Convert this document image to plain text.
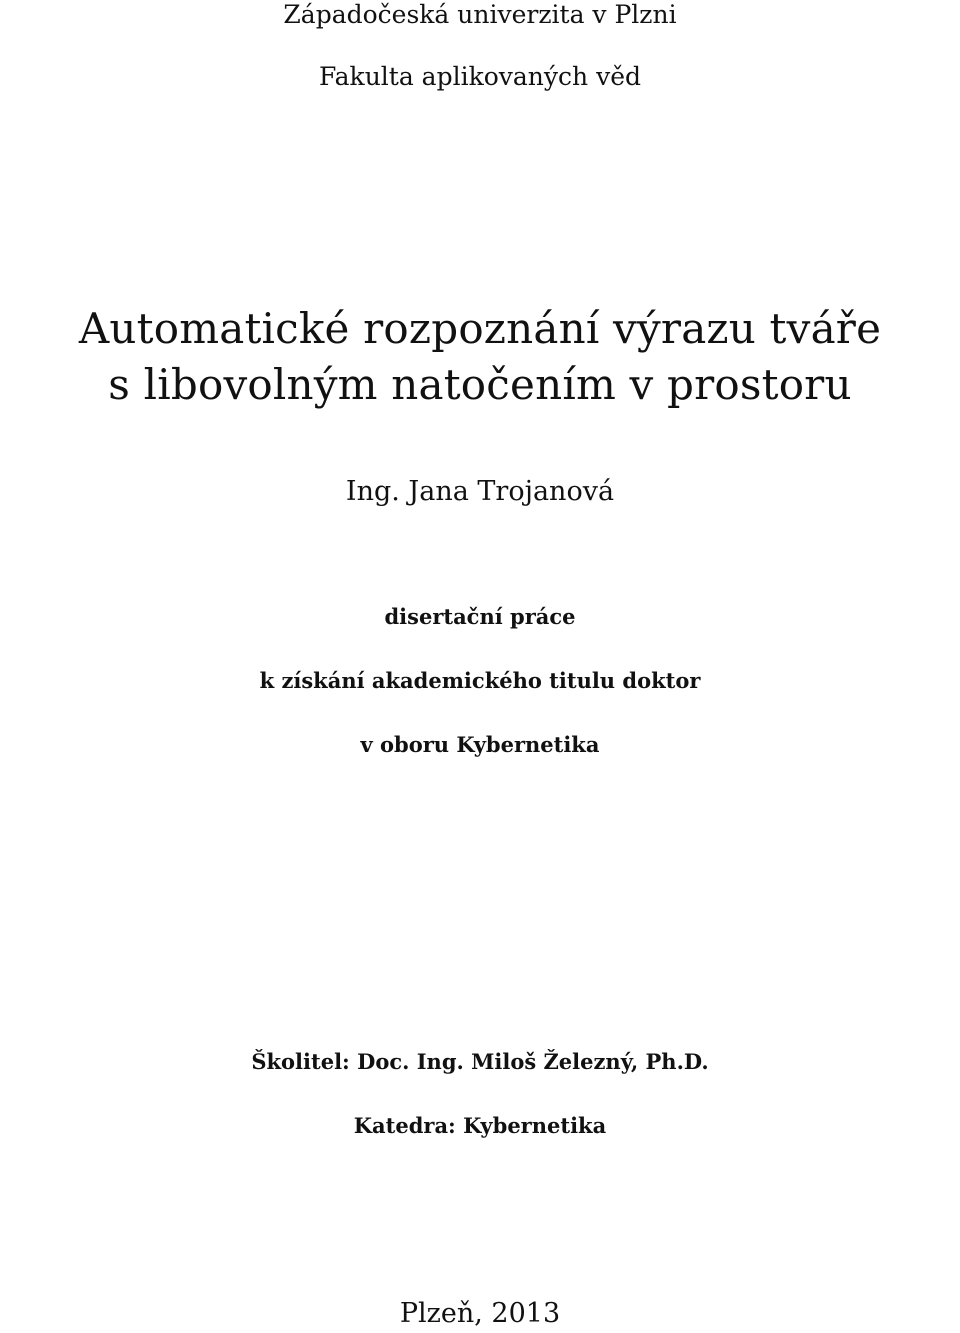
Západočeská univerzita v Plzni
Fakulta aplikovaných věd
Automatické rozpoznání výrazu tváře
s libovolným natočením v prostoru
Ing. Jana Trojanová
disertační práce
k získání akademického titulu doktor
v oboru Kybernetika
Školitel: Doc. Ing. Miloš Železný, Ph.D.
Katedra: Kybernetika
Plzeň, 2013
